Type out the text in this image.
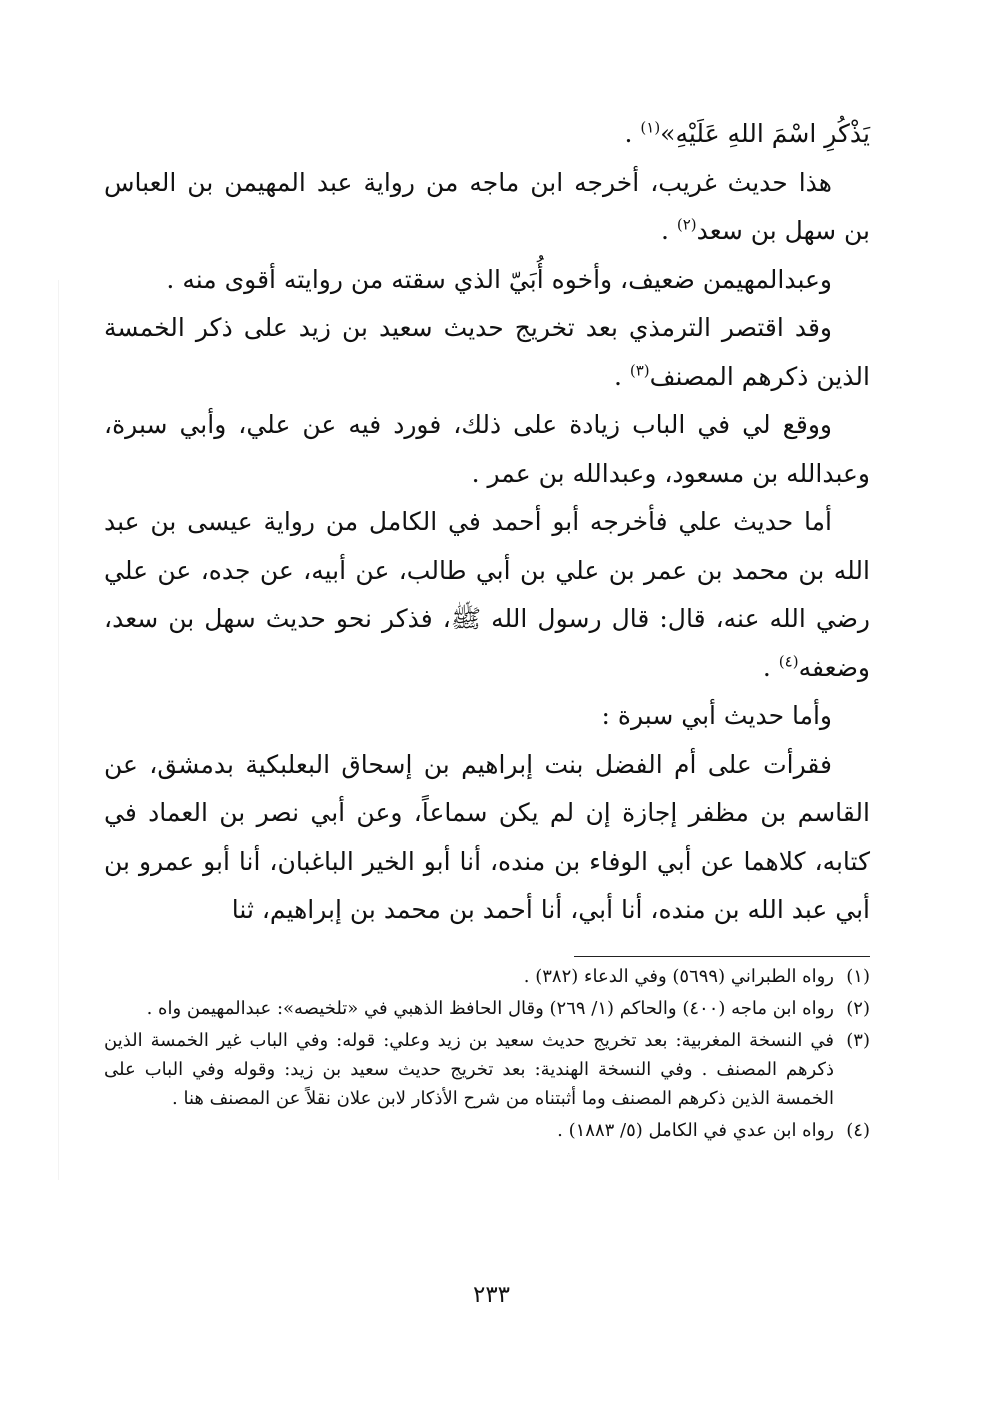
يَذْكُرِ اسْمَ اللهِ عَلَيْهِ»$^{(١)}$ .

هذا حديث غريب، أخرجه ابن ماجه من رواية عبد المهيمن بن العباس بن سهل بن سعد$^{(٢)}$ .

وعبدالمهيمن ضعيف، وأخوه أُبَيّ الذي سقته من روايته أقوى منه .

وقد اقتصر الترمذي بعد تخريج حديث سعيد بن زيد على ذكر الخمسة الذين ذكرهم المصنف$^{(٣)}$ .

ووقع لي في الباب زيادة على ذلك، فورد فيه عن علي، وأبي سبرة، وعبدالله بن مسعود، وعبدالله بن عمر .

أما حديث علي فأخرجه أبو أحمد في الكامل من رواية عيسى بن عبد الله بن محمد بن عمر بن علي بن أبي طالب، عن أبيه، عن جده، عن علي رضي الله عنه، قال: قال رسول الله ﷺ، فذكر نحو حديث سهل بن سعد، وضعفه$^{(٤)}$ .

وأما حديث أبي سبرة :

فقرأت على أم الفضل بنت إبراهيم بن إسحاق البعلبكية بدمشق، عن القاسم بن مظفر إجازة إن لم يكن سماعاً، وعن أبي نصر بن العماد في كتابه، كلاهما عن أبي الوفاء بن منده، أنا أبو الخير الباغبان، أنا أبو عمرو بن أبي عبد الله بن منده، أنا أبي، أنا أحمد بن محمد بن إبراهيم، ثنا

(١)
رواه الطبراني (٥٦٩٩) وفي الدعاء (٣٨٢) .
(٢)
رواه ابن ماجه (٤٠٠) والحاكم (١/ ٢٦٩) وقال الحافظ الذهبي في «تلخيصه»: عبدالمهيمن واه .
(٣)
في النسخة المغربية: بعد تخريج حديث سعيد بن زيد وعلي: قوله: وفي الباب غير الخمسة الذين ذكرهم المصنف . وفي النسخة الهندية: بعد تخريج حديث سعيد بن زيد: وقوله وفي الباب على الخمسة الذين ذكرهم المصنف وما أثبتناه من شرح الأذكار لابن علان نقلاً عن المصنف هنا .
(٤)
رواه ابن عدي في الكامل (٥/ ١٨٨٣) .
٢٣٣
